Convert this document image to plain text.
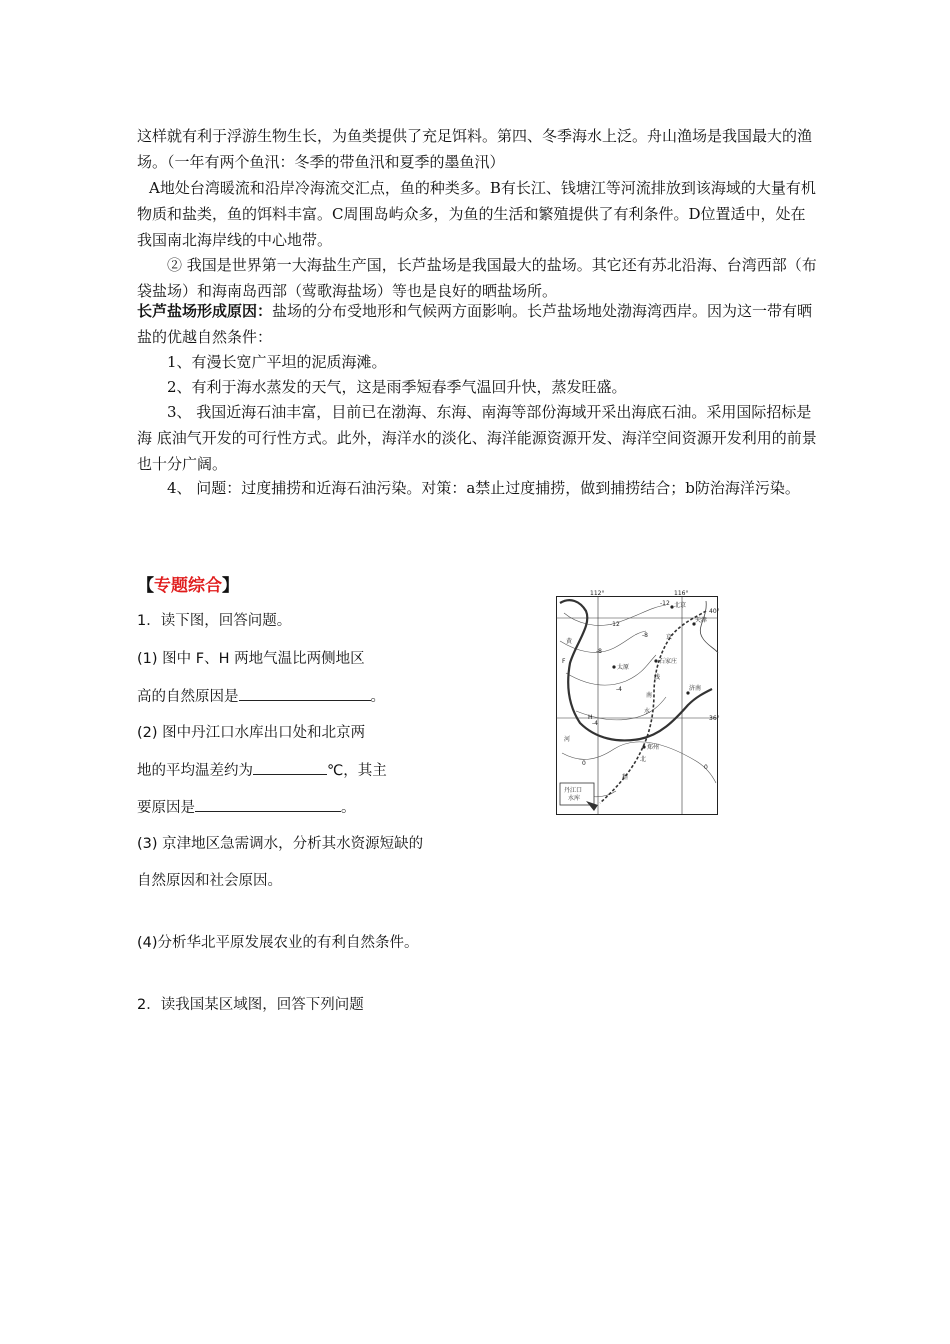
这样就有利于浮游生物生长，为鱼类提供了充足饵料。第四、冬季海水上泛。舟山渔场是我国最大的渔场。（一年有两个鱼汛：冬季的带鱼汛和夏季的墨鱼汛）

A地处台湾暖流和沿岸冷海流交汇点，鱼的种类多。B有长江、钱塘江等河流排放到该海域的大量有机物质和盐类，鱼的饵料丰富。C周围岛屿众多，为鱼的生活和繁殖提供了有利条件。D位置适中，处在我国南北海岸线的中心地带。

② 我国是世界第一大海盐生产国，长芦盐场是我国最大的盐场。其它还有苏北沿海、台湾西部（布袋盐场）和海南岛西部（莺歌海盐场）等也是良好的晒盐场所。

长芦盐场形成原因：盐场的分布受地形和气候两方面影响。长芦盐场地处渤海湾西岸。因为这一带有晒盐的优越自然条件：

1、有漫长宽广平坦的泥质海滩。

2、有利于海水蒸发的天气，这是雨季短春季气温回升快，蒸发旺盛。

3、 我国近海石油丰富，目前已在渤海、东海、南海等部份海域开采出海底石油。采用国际招标是海 底油气开发的可行性方式。此外，海洋水的淡化、海洋能源资源开发、海洋空间资源开发利用的前景也十分广阔。

4、 问题：过度捕捞和近海石油污染。对策：a禁止过度捕捞，做到捕捞结合；b防治海洋污染。

【专题综合】

1．读下图，回答问题。

(1) 图中 F、H 两地气温比两侧地区

高的自然原因是	。

(2) 图中丹江口水库出口处和北京两

地的平均温差约为	℃，其主

要原因是	。

(3) 京津地区急需调水，分析其水资源短缺的

自然原因和社会原因。

(4)分析华北平原发展农业的有利自然条件。

2．读我国某区域图，回答下列问题

112°	116°
40°
36°
北京
天津
太原
石家庄
济南
郑州
黄
河
京
线
南
水
北
程
-12
-12
-8
-8
-4
-4
0
0
F
H
丹江口
水库
